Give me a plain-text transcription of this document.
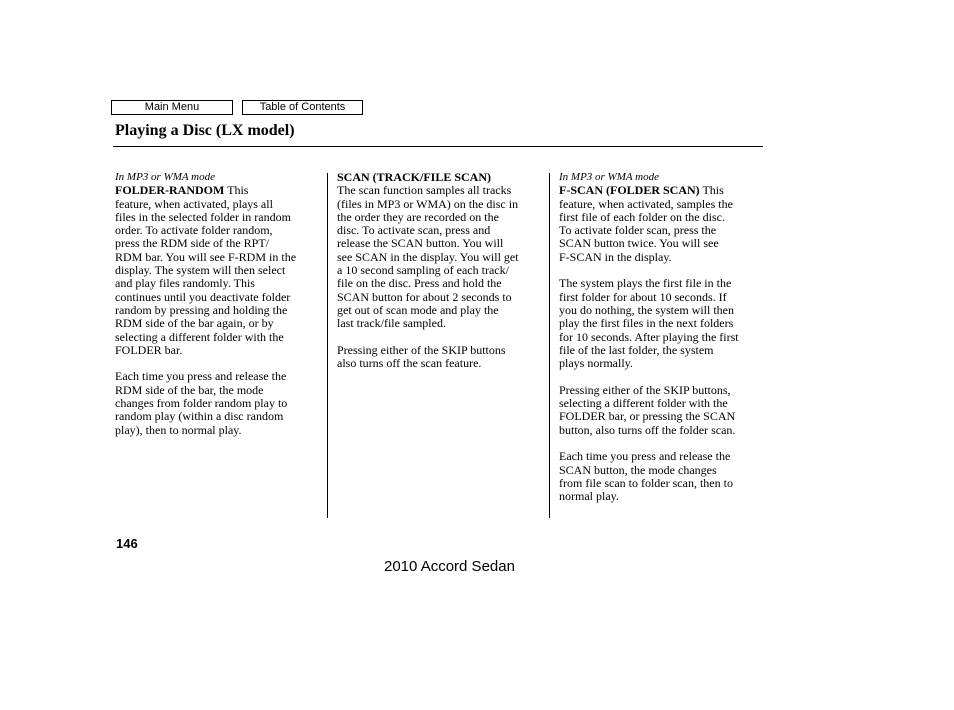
Main Menu	Table of Contents
Playing a Disc (LX model)

In MP3 or WMA mode

FOLDER-RANDOM This
feature, when activated, plays all
files in the selected folder in random
order. To activate folder random,
press the RDM side of the RPT/
RDM bar. You will see F-RDM in the
display. The system will then select
and play files randomly. This
continues until you deactivate folder
random by pressing and holding the
RDM side of the bar again, or by
selecting a different folder with the
FOLDER bar.

Each time you press and release the
RDM side of the bar, the mode
changes from folder random play to
random play (within a disc random
play), then to normal play.

SCAN (TRACK/FILE SCAN)

The scan function samples all tracks
(files in MP3 or WMA) on the disc in
the order they are recorded on the
disc. To activate scan, press and
release the SCAN button. You will
see SCAN in the display. You will get
a 10 second sampling of each track/
file on the disc. Press and hold the
SCAN button for about 2 seconds to
get out of scan mode and play the
last track/file sampled.

Pressing either of the SKIP buttons
also turns off the scan feature.

In MP3 or WMA mode

F-SCAN (FOLDER SCAN) This
feature, when activated, samples the
first file of each folder on the disc.
To activate folder scan, press the
SCAN button twice. You will see
F-SCAN in the display.

The system plays the first file in the
first folder for about 10 seconds. If
you do nothing, the system will then
play the first files in the next folders
for 10 seconds. After playing the first
file of the last folder, the system
plays normally.

Pressing either of the SKIP buttons,
selecting a different folder with the
FOLDER bar, or pressing the SCAN
button, also turns off the folder scan.

Each time you press and release the
SCAN button, the mode changes
from file scan to folder scan, then to
normal play.

146
2010 Accord Sedan
